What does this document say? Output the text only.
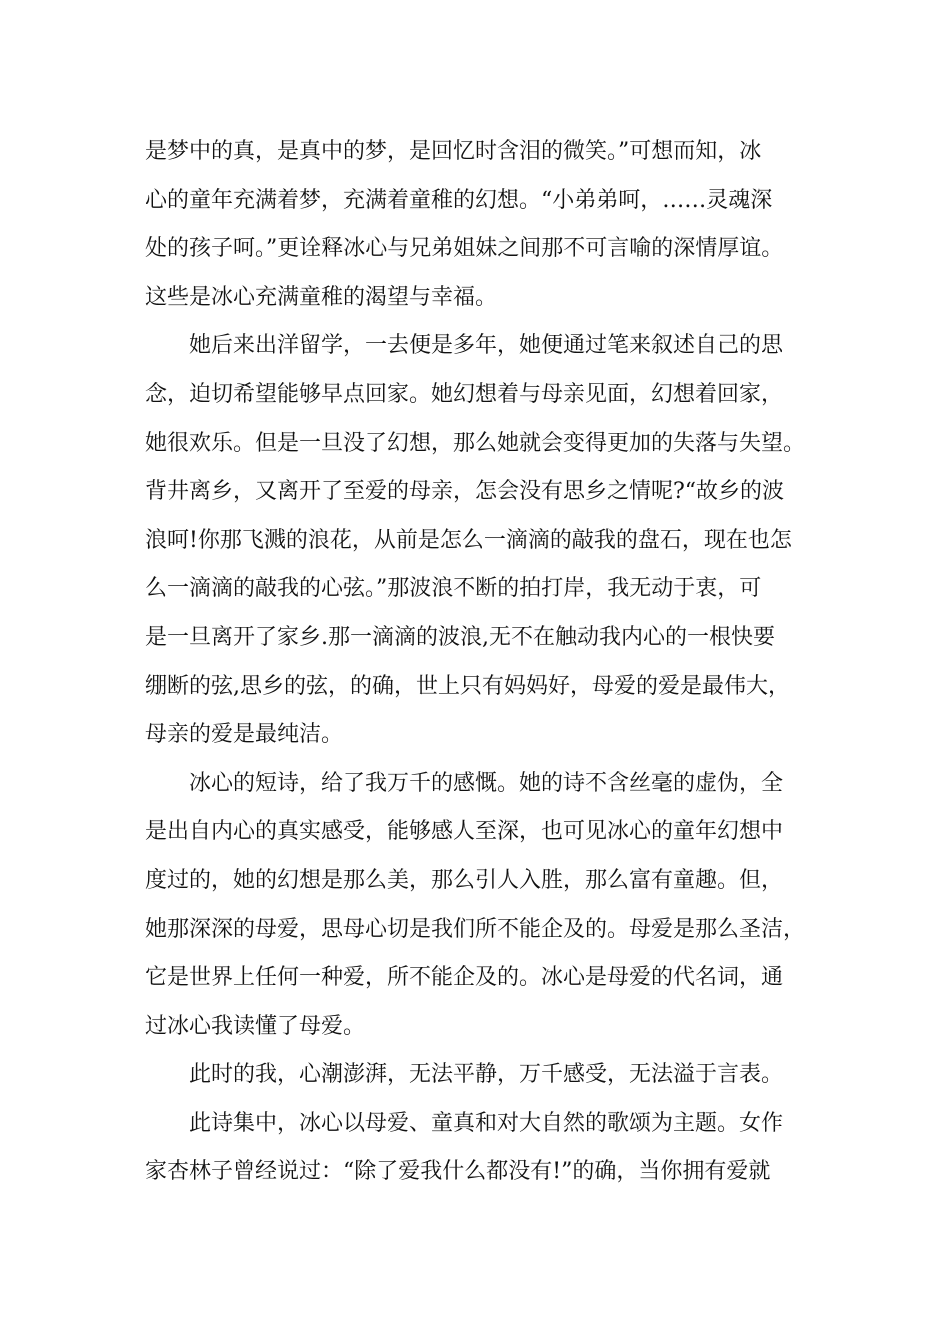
是梦中的真，是真中的梦，是回忆时含泪的微笑。”可想而知，冰
心的童年充满着梦，充满着童稚的幻想。“小弟弟呵，……灵魂深
处的孩子呵。”更诠释冰心与兄弟姐妹之间那不可言喻的深情厚谊。
这些是冰心充满童稚的渴望与幸福。
她后来出洋留学，一去便是多年，她便通过笔来叙述自己的思
念，迫切希望能够早点回家。她幻想着与母亲见面，幻想着回家，
她很欢乐。但是一旦没了幻想，那么她就会变得更加的失落与失望。
背井离乡，又离开了至爱的母亲，怎会没有思乡之情呢?“故乡的波
浪呵!你那飞溅的浪花，从前是怎么一滴滴的敲我的盘石，现在也怎
么一滴滴的敲我的心弦。”那波浪不断的拍打岸，我无动于衷，可
是一旦离开了家乡.那一滴滴的波浪,无不在触动我内心的一根快要
绷断的弦,思乡的弦，的确，世上只有妈妈好，母爱的爱是最伟大，
母亲的爱是最纯洁。
冰心的短诗，给了我万千的感慨。她的诗不含丝毫的虚伪，全
是出自内心的真实感受，能够感人至深，也可见冰心的童年幻想中
度过的，她的幻想是那么美，那么引人入胜，那么富有童趣。但，
她那深深的母爱，思母心切是我们所不能企及的。母爱是那么圣洁，
它是世界上任何一种爱，所不能企及的。冰心是母爱的代名词，通
过冰心我读懂了母爱。
此时的我，心潮澎湃，无法平静，万千感受，无法溢于言表。
此诗集中，冰心以母爱、童真和对大自然的歌颂为主题。女作
家杏林子曾经说过：“除了爱我什么都没有!”的确，当你拥有爱就
